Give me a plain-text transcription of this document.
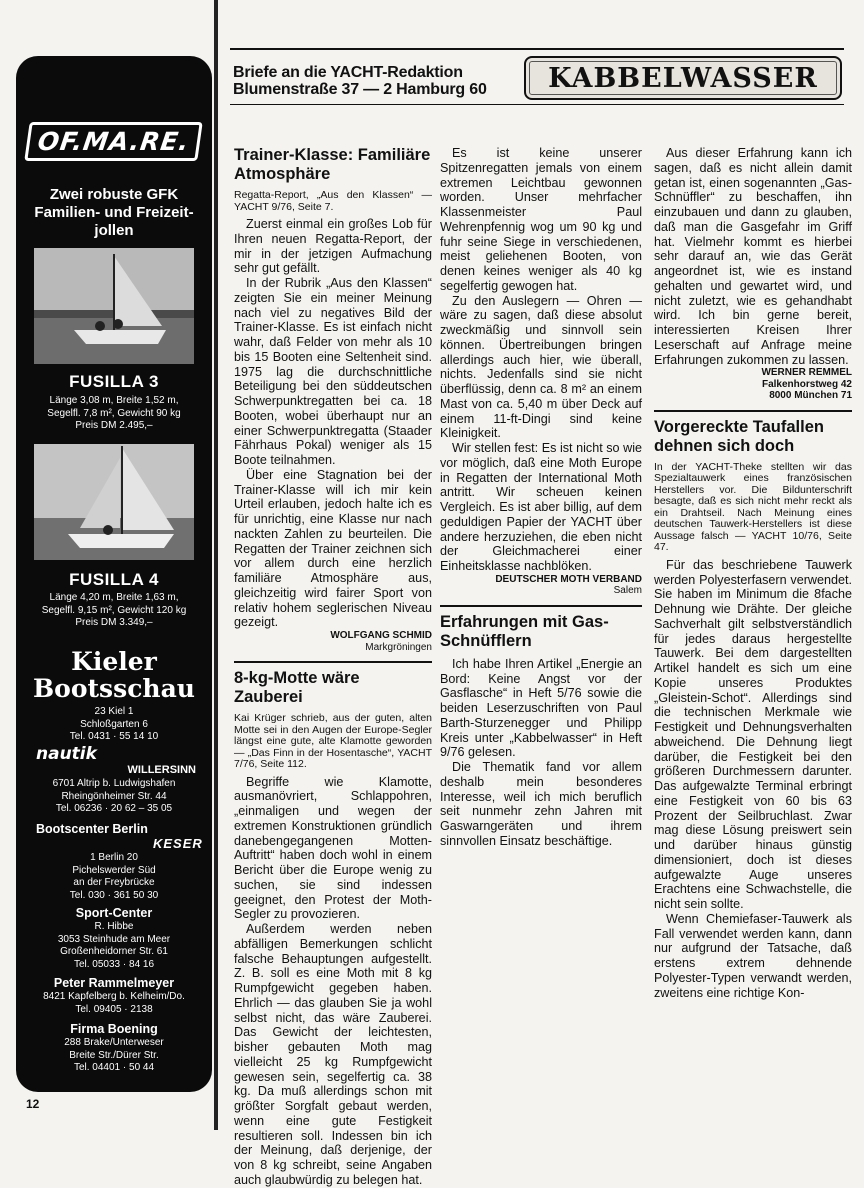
OF.MA.RE.
Zwei robuste GFK Familien- und Freizeit-jollen
FUSILLA 3
Länge 3,08 m, Breite 1,52 m,
Segelfl. 7,8 m², Gewicht 90 kg
Preis DM 2.495,–
FUSILLA 4
Länge 4,20 m, Breite 1,63 m,
Segelfl. 9,15 m², Gewicht 120 kg
Preis DM 3.349,–
Kieler
Bootsschau
23 Kiel 1
Schloßgarten 6
Tel. 0431 · 55 14 10
nautik
WILLERSINN
6701 Altrip b. Ludwigshafen
Rheingönheimer Str. 44
Tel. 06236 · 20 62 – 35 05
Bootscenter Berlin
KESER
1 Berlin 20
Pichelswerder Süd
an der Freybrücke
Tel. 030 · 361 50 30
Sport-Center
R. Hibbe
3053 Steinhude am Meer
Großenheidorner Str. 61
Tel. 05033 · 84 16
Peter Rammelmeyer
8421 Kapfelberg b. Kelheim/Do.
Tel. 09405 · 2138
Firma Boening
288 Brake/Unterweser
Breite Str./Dürer Str.
Tel. 04401 · 50 44
12
Briefe an die YACHT-Redaktion
Blumenstraße 37 — 2 Hamburg 60	KABBELWASSER
Trainer-Klasse: Familiäre Atmosphäre
Regatta-Report, „Aus den Klassen“ — YACHT 9/76, Seite 7.

Zuerst einmal ein großes Lob für Ihren neuen Regatta-Report, der mir in der jetzigen Aufmachung sehr gut gefällt.

In der Rubrik „Aus den Klassen“ zeigten Sie ein meiner Meinung nach viel zu negatives Bild der Trainer-Klasse. Es ist einfach nicht wahr, daß Felder von mehr als 10 bis 15 Booten eine Seltenheit sind. 1975 lag die durchschnittliche Beteiligung bei den süddeutschen Schwerpunktregatten bei ca. 18 Booten, wobei überhaupt nur an einer Schwerpunktregatta (Staader Fährhaus Pokal) weniger als 15 Boote teilnahmen.

Über eine Stagnation bei der Trainer-Klasse will ich mir kein Urteil erlauben, jedoch halte ich es für unrichtig, eine Klasse nur nach nackten Zahlen zu beurteilen. Die Regatten der Trainer zeichnen sich vor allem durch eine herzlich familiäre Atmosphäre aus, gleichzeitig wird fairer Sport von relativ hohem seglerischen Niveau gezeigt.

WOLFGANG SCHMID
Markgröningen
8-kg-Motte wäre Zauberei
Kai Krüger schrieb, aus der guten, alten Motte sei in den Augen der Europe-Segler längst eine gute, alte Klamotte geworden — „Das Finn in der Hosentasche“, YACHT 7/76, Seite 112.

Begriffe wie Klamotte, ausmanövriert, Schlappohren, „einmaligen und wegen der extremen Konstruktionen gründlich danebengegangenen Motten-Auftritt“ haben doch wohl in einem Bericht über die Europe wenig zu suchen, sie sind indessen geeignet, den Protest der Moth-Segler zu provozieren.

Außerdem werden neben abfälligen Bemerkungen schlicht falsche Behauptungen aufgestellt. Z. B. soll es eine Moth mit 8 kg Rumpfgewicht gegeben haben. Ehrlich — das glauben Sie ja wohl selbst nicht, das wäre Zauberei. Das Gewicht der leichtesten, bisher gebauten Moth mag vielleicht 25 kg Rumpfgewicht gewesen sein, segelfertig ca. 38 kg. Da muß allerdings schon mit größter Sorgfalt gebaut werden, wenn eine gute Festigkeit resultieren soll. Indessen bin ich der Meinung, daß derjenige, der von 8 kg schreibt, seine Angaben auch glaubwürdig zu belegen hat.

Es ist keine unserer Spitzenregatten jemals von einem extremen Leichtbau gewonnen worden. Unser mehrfacher Klassenmeister Paul Wehrenpfennig wog um 90 kg und fuhr seine Siege in verschiedenen, meist geliehenen Booten, von denen keines weniger als 40 kg segelfertig gewogen hat.

Zu den Auslegern — Ohren — wäre zu sagen, daß diese absolut zweckmäßig und sinnvoll sein können. Übertreibungen bringen allerdings auch hier, wie überall, nichts. Jedenfalls sind sie nicht überflüssig, denn ca. 8 m² an einem Mast von ca. 5,40 m über Deck auf einem 11-ft-Dingi sind keine Kleinigkeit.

Wir stellen fest: Es ist nicht so wie vor möglich, daß eine Moth Europe in Regatten der International Moth antritt. Wir scheuen keinen Vergleich. Es ist aber billig, auf dem geduldigen Papier der YACHT über andere herzuziehen, die eben nicht der Gleichmacherei einer Einheitsklasse nachblöken.

DEUTSCHER MOTH VERBAND
Salem
Erfahrungen mit Gas-Schnüfflern

Ich habe Ihren Artikel „Energie an Bord: Keine Angst vor der Gasflasche“ in Heft 5/76 sowie die beiden Leserzuschriften von Paul Barth-Sturzenegger und Philipp Kreis unter „Kabbelwasser“ in Heft 9/76 gelesen.

Die Thematik fand vor allem deshalb mein besonderes Interesse, weil ich mich beruflich seit nunmehr zehn Jahren mit Gaswarngeräten und ihrem sinnvollen Einsatz beschäftige.

Aus dieser Erfahrung kann ich sagen, daß es nicht allein damit getan ist, einen sogenannten „Gas-Schnüffler“ zu beschaffen, ihn einzubauen und dann zu glauben, daß man die Gasgefahr im Griff hat. Vielmehr kommt es hierbei sehr darauf an, wie das Gerät angeordnet ist, wie es instand gehalten und gewartet wird, und nicht zuletzt, wie es gehandhabt wird. Ich bin gerne bereit, interessierten Kreisen Ihrer Leserschaft auf Anfrage meine Erfahrungen zukommen zu lassen.

WERNER REMMEL
Falkenhorstweg 42
8000 München 71
Vorgereckte Taufallen dehnen sich doch
In der YACHT-Theke stellten wir das Spezialtauwerk eines französischen Herstellers vor. Die Bildunterschrift besagte, daß es sich nicht mehr reckt als ein Drahtseil. Nach Meinung eines deutschen Tauwerk-Herstellers ist diese Aussage falsch — YACHT 10/76, Seite 47.

Für das beschriebene Tauwerk werden Polyesterfasern verwendet. Sie haben im Minimum die 8fache Dehnung wie Drähte. Der gleiche Sachverhalt gilt selbstverständlich für jedes daraus hergestellte Tauwerk. Bei dem dargestellten Artikel handelt es sich um eine Kopie unseres Produktes „Gleistein-Schot“. Allerdings sind die technischen Merkmale wie Festigkeit und Dehnungsverhalten abweichend. Die Dehnung liegt darüber, die Festigkeit bei den größeren Durchmessern darunter. Das aufgewalzte Terminal erbringt eine Festigkeit von 60 bis 63 Prozent der Seilbruchlast. Zwar mag diese Lösung preiswert sein und darüber hinaus günstig dimensioniert, doch ist dieses aufgewalzte Auge unseres Erachtens eine Schwachstelle, die nicht sein sollte.

Wenn Chemiefaser-Tauwerk als Fall verwendet werden kann, dann nur aufgrund der Tatsache, daß erstens extrem dehnende Polyester-Typen verwandt werden, zweitens eine richtige Kon-
